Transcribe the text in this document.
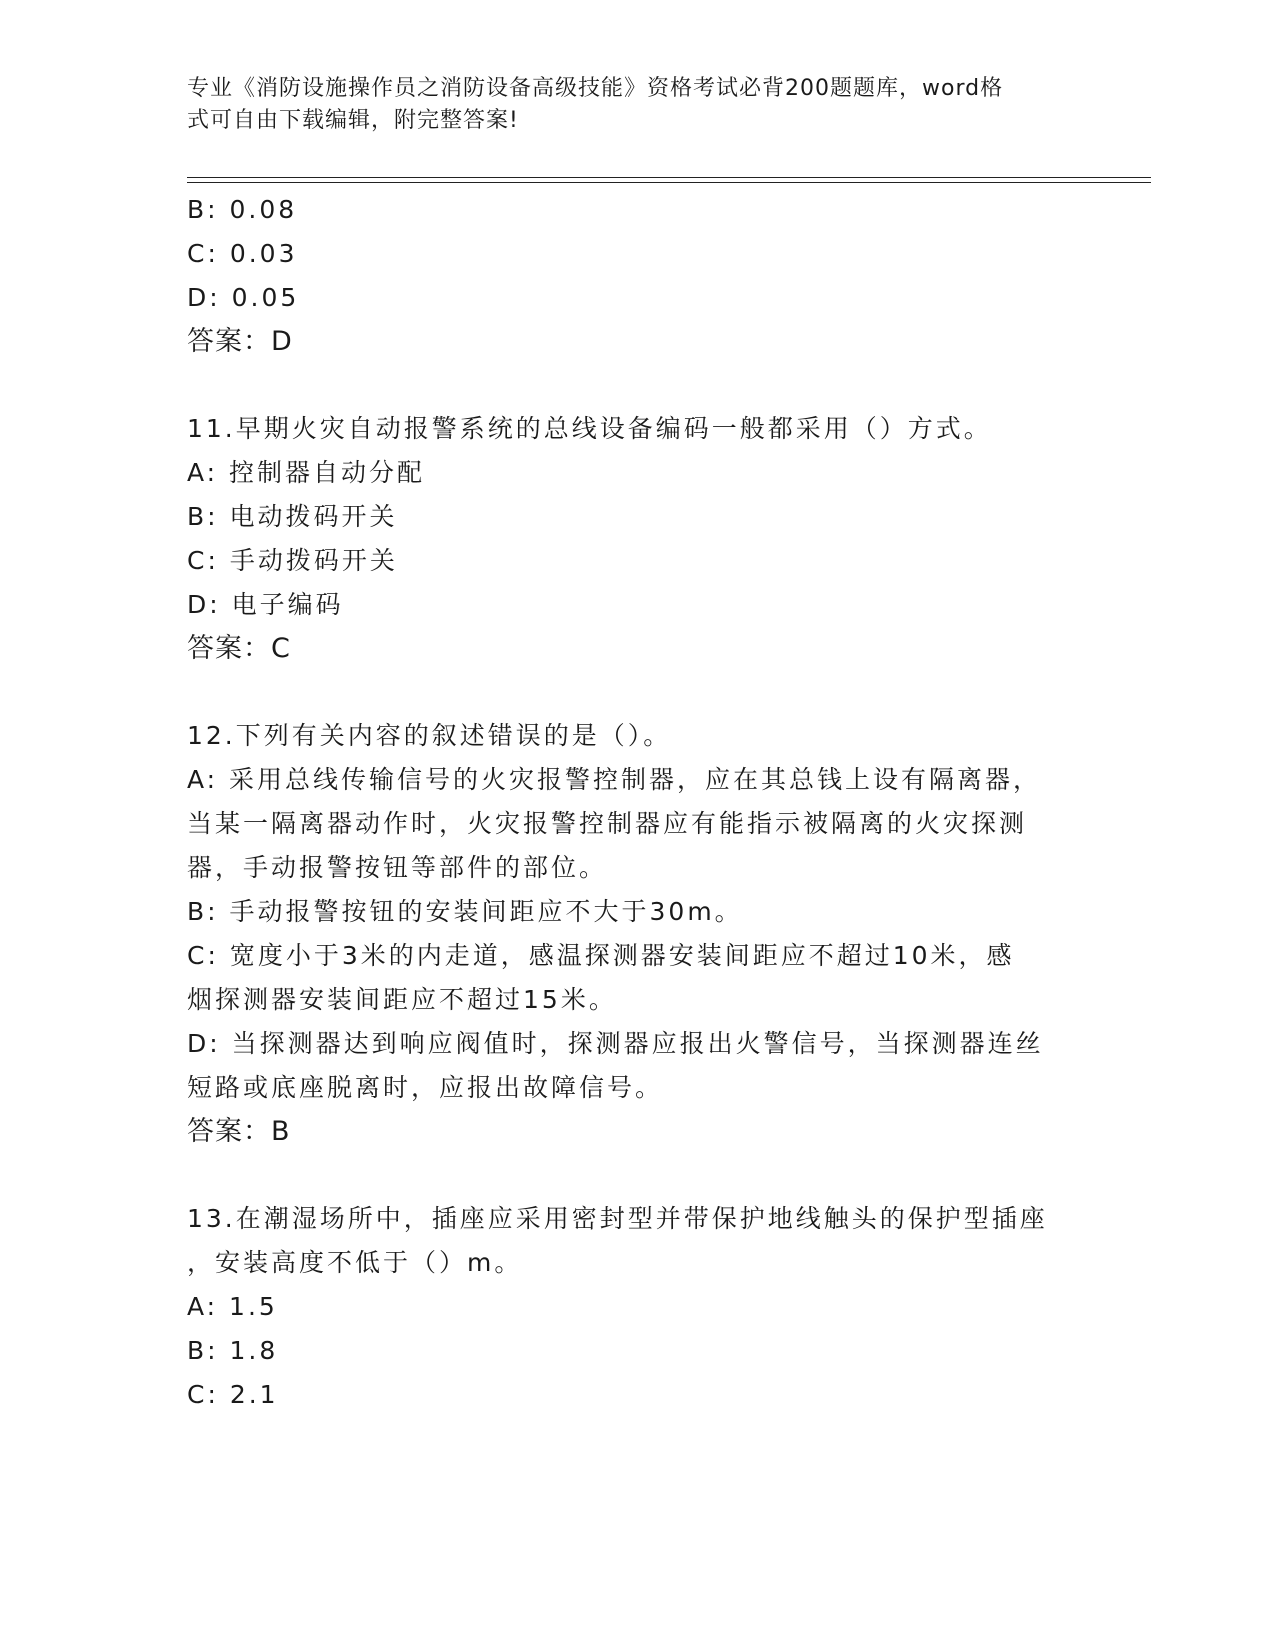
专业《消防设施操作员之消防设备高级技能》资格考试必背200题题库，word格
式可自由下载编辑，附完整答案!
B: 0.08
C: 0.03
D: 0.05
答案：D
11.早期火灾自动报警系统的总线设备编码一般都采用（）方式。
A: 控制器自动分配
B: 电动拨码开关
C: 手动拨码开关
D: 电子编码
答案：C
12.下列有关内容的叙述错误的是（）。
A: 采用总线传输信号的火灾报警控制器，应在其总钱上设有隔离器，
当某一隔离器动作时，火灾报警控制器应有能指示被隔离的火灾探测
器，手动报警按钮等部件的部位。
B: 手动报警按钮的安装间距应不大于30m。
C: 宽度小于3米的内走道，感温探测器安装间距应不超过10米，感
烟探测器安装间距应不超过15米。
D: 当探测器达到响应阀值时，探测器应报出火警信号，当探测器连丝
短路或底座脱离时，应报出故障信号。
答案：B
13.在潮湿场所中，插座应采用密封型并带保护地线触头的保护型插座
，安装高度不低于（）m。
A: 1.5
B: 1.8
C: 2.1
